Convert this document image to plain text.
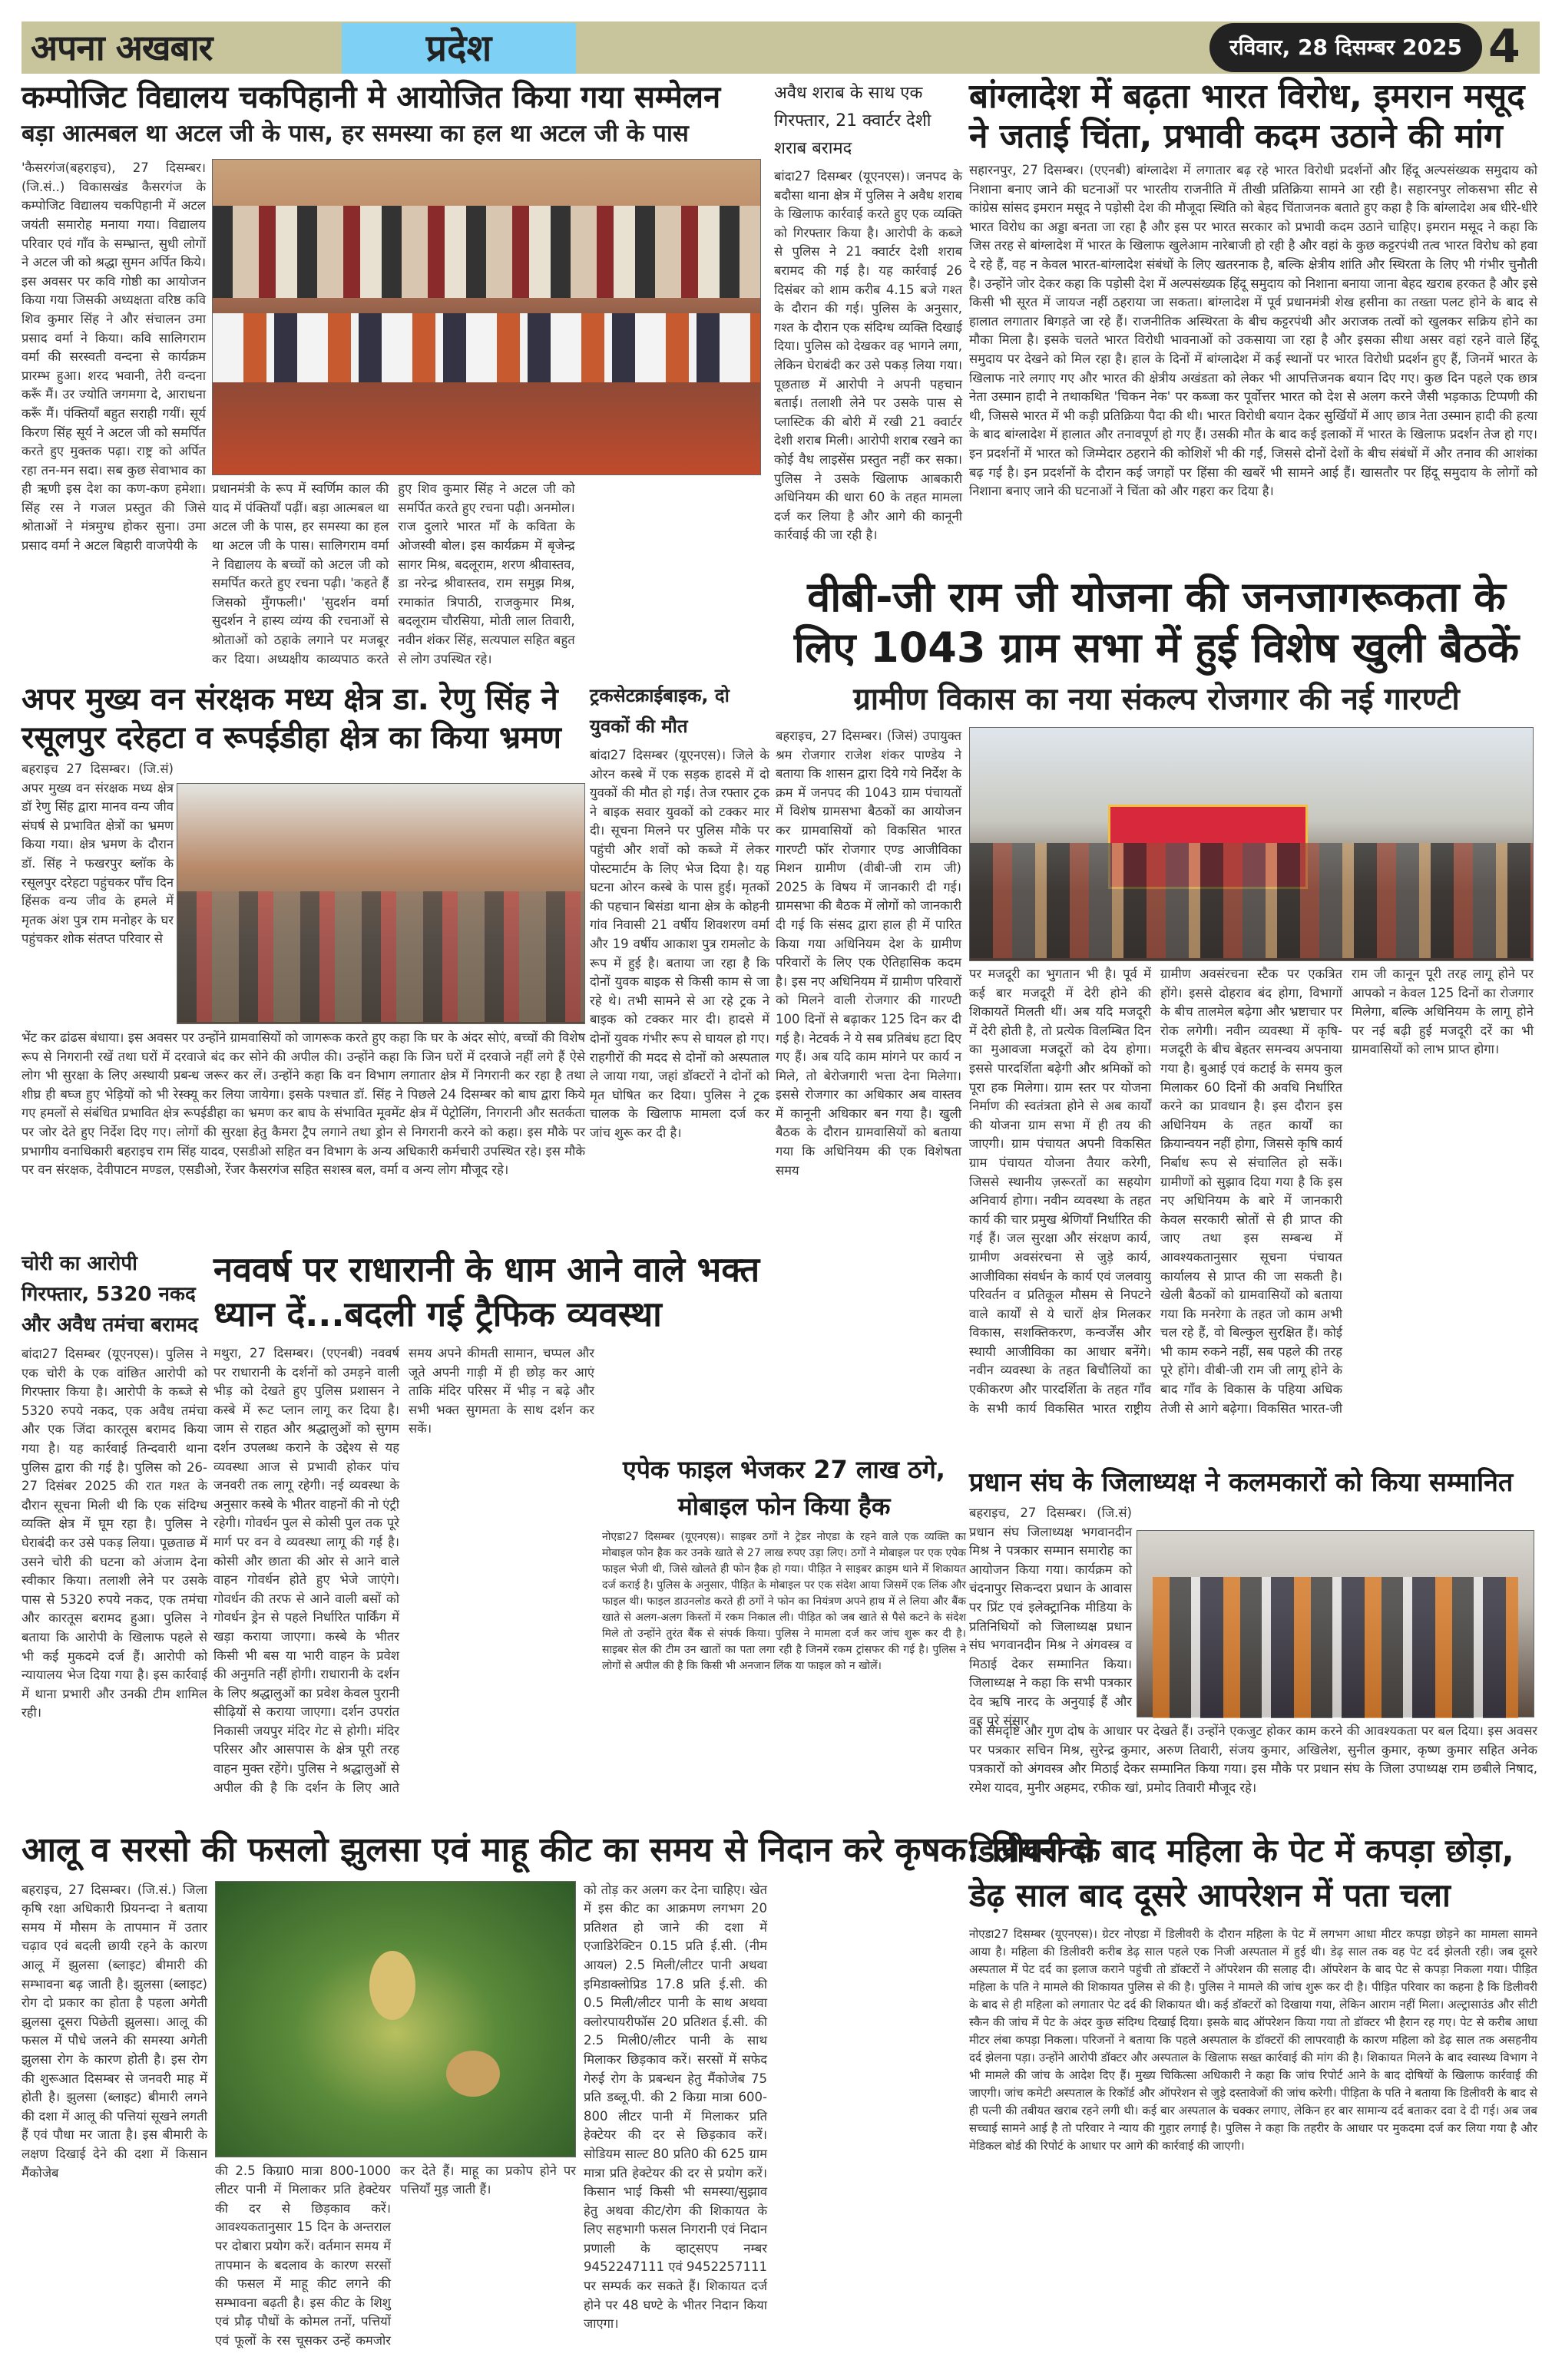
अपना अखबार	प्रदेश	रविवार, 28 दिसम्बर 2025 4
कम्पोजिट विद्यालय चकपिहानी मे आयोजित किया गया सम्मेलन
बड़ा आत्मबल था अटल जी के पास, हर समस्या का हल था अटल जी के पास
'कैसरगंज(बहराइच), 27 दिसम्बर। (जि.सं..) विकासखंड कैसरगंज के कम्पोजिट विद्यालय चकपिहानी में अटल जयंती समारोह मनाया गया। विद्यालय परिवार एवं गाँव के सम्भ्रान्त, सुधी लोगों ने अटल जी को श्रद्धा सुमन अर्पित किये। इस अवसर पर कवि गोष्ठी का आयोजन किया गया जिसकी अध्यक्षता वरिष्ठ कवि शिव कुमार सिंह ने और संचालन उमा प्रसाद वर्मा ने किया। कवि सालिगराम वर्मा की सरस्वती वन्दना से कार्यक्रम प्रारम्भ हुआ। शरद भवानी, तेरी वन्दना करूँ मैं। उर ज्योति जगमगा दे, आराधना करूँ मैं। पंक्तियाँ बहुत सराही गयीं। सूर्य किरण सिंह सूर्य ने अटल जी को समर्पित करते हुए मुक्तक पढ़ा। राष्ट्र को अर्पित रहा तन-मन सदा। सब कुछ सेवाभाव का ही ऋणी इस देश का कण-कण हमेशा। सिंह रस ने गजल प्रस्तुत की जिसे श्रोताओं ने मंत्रमुग्ध होकर सुना। उमा प्रसाद वर्मा ने अटल बिहारी वाजपेयी के
प्रधानमंत्री के रूप में स्वर्णिम काल की याद में पंक्तियाँ पढ़ीं। बड़ा आत्मबल था अटल जी के पास, हर समस्या का हल था अटल जी के पास। सालिगराम वर्मा ने विद्यालय के बच्चों को अटल जी को समर्पित करते हुए रचना पढ़ी। 'कहते हैं जिसको मुँगफली।' 'सुदर्शन वर्मा सुदर्शन ने हास्य व्यंग्य की रचनाओं से श्रोताओं को ठहाके लगाने पर मजबूर कर दिया। अध्यक्षीय काव्यपाठ करते हुए शिव कुमार सिंह ने अटल जी को समर्पित करते हुए रचना पढ़ी। अनमोल। राज दुलारे भारत माँ के कविता के ओजस्वी बोल। इस कार्यक्रम में बृजेन्द्र सागर मिश्र, बदलूराम, शरण श्रीवास्तव, डा नरेन्द्र श्रीवास्तव, राम समुझ मिश्र, रमाकांत त्रिपाठी, राजकुमार मिश्र, बदलूराम चौरसिया, मोती लाल तिवारी, नवीन शंकर सिंह, सत्यपाल सहित बहुत से लोग उपस्थित रहे।
अवैध शराब के साथ एक गिरफ्तार, 21 क्वार्टर देशी शराब बरामद
बांदा27 दिसम्बर (यूएनएस)। जनपद के बदौसा थाना क्षेत्र में पुलिस ने अवैध शराब के खिलाफ कार्रवाई करते हुए एक व्यक्ति को गिरफ्तार किया है। आरोपी के कब्जे से पुलिस ने 21 क्वार्टर देशी शराब बरामद की गई है। यह कार्रवाई 26 दिसंबर को शाम करीब 4.15 बजे गश्त के दौरान की गई। पुलिस के अनुसार, गश्त के दौरान एक संदिग्ध व्यक्ति दिखाई दिया। पुलिस को देखकर वह भागने लगा, लेकिन घेराबंदी कर उसे पकड़ लिया गया। पूछताछ में आरोपी ने अपनी पहचान बताई। तलाशी लेने पर उसके पास से प्लास्टिक की बोरी में रखी 21 क्वार्टर देशी शराब मिली। आरोपी शराब रखने का कोई वैध लाइसेंस प्रस्तुत नहीं कर सका। पुलिस ने उसके खिलाफ आबकारी अधिनियम की धारा 60 के तहत मामला दर्ज कर लिया है और आगे की कानूनी कार्रवाई की जा रही है।
बांग्लादेश में बढ़ता भारत विरोध, इमरान मसूद ने जताई चिंता, प्रभावी कदम उठाने की मांग
सहारनपुर, 27 दिसम्बर। (एएनबी) बांग्लादेश में लगातार बढ़ रहे भारत विरोधी प्रदर्शनों और हिंदू अल्पसंख्यक समुदाय को निशाना बनाए जाने की घटनाओं पर भारतीय राजनीति में तीखी प्रतिक्रिया सामने आ रही है। सहारनपुर लोकसभा सीट से कांग्रेस सांसद इमरान मसूद ने पड़ोसी देश की मौजूदा स्थिति को बेहद चिंताजनक बताते हुए कहा है कि बांग्लादेश अब धीरे-धीरे भारत विरोध का अड्डा बनता जा रहा है और इस पर भारत सरकार को प्रभावी कदम उठाने चाहिए। इमरान मसूद ने कहा कि जिस तरह से बांग्लादेश में भारत के खिलाफ खुलेआम नारेबाजी हो रही है और वहां के कुछ कट्टरपंथी तत्व भारत विरोध को हवा दे रहे हैं, वह न केवल भारत-बांग्लादेश संबंधों के लिए खतरनाक है, बल्कि क्षेत्रीय शांति और स्थिरता के लिए भी गंभीर चुनौती है। उन्होंने जोर देकर कहा कि पड़ोसी देश में अल्पसंख्यक हिंदू समुदाय को निशाना बनाया जाना बेहद खराब हरकत है और इसे किसी भी सूरत में जायज नहीं ठहराया जा सकता। बांग्लादेश में पूर्व प्रधानमंत्री शेख हसीना का तख्ता पलट होने के बाद से हालात लगातार बिगड़ते जा रहे हैं। राजनीतिक अस्थिरता के बीच कट्टरपंथी और अराजक तत्वों को खुलकर सक्रिय होने का मौका मिला है। इसके चलते भारत विरोधी भावनाओं को उकसाया जा रहा है और इसका सीधा असर वहां रहने वाले हिंदू समुदाय पर देखने को मिल रहा है। हाल के दिनों में बांग्लादेश में कई स्थानों पर भारत विरोधी प्रदर्शन हुए हैं, जिनमें भारत के खिलाफ नारे लगाए गए और भारत की क्षेत्रीय अखंडता को लेकर भी आपत्तिजनक बयान दिए गए। कुछ दिन पहले एक छात्र नेता उस्मान हादी ने तथाकथित 'चिकन नेक' पर कब्जा कर पूर्वोत्तर भारत को देश से अलग करने जैसी भड़काऊ टिप्पणी की थी, जिससे भारत में भी कड़ी प्रतिक्रिया पैदा की थी। भारत विरोधी बयान देकर सुर्खियों में आए छात्र नेता उस्मान हादी की हत्या के बाद बांग्लादेश में हालात और तनावपूर्ण हो गए हैं। उसकी मौत के बाद कई इलाकों में भारत के खिलाफ प्रदर्शन तेज हो गए। इन प्रदर्शनों में भारत को जिम्मेदार ठहराने की कोशिशें भी की गईं, जिससे दोनों देशों के बीच संबंधों में और तनाव की आशंका बढ़ गई है। इन प्रदर्शनों के दौरान कई जगहों पर हिंसा की खबरें भी सामने आई हैं। खासतौर पर हिंदू समुदाय के लोगों को निशाना बनाए जाने की घटनाओं ने चिंता को और गहरा कर दिया है।
वीबी-जी राम जी योजना की जनजागरूकता के लिए 1043 ग्राम सभा में हुई विशेष खुली बैठकें
ग्रामीण विकास का नया संकल्प रोजगार की नई गारण्टी
बहराइच, 27 दिसम्बर। (जिसं) उपायुक्त श्रम रोजगार राजेश शंकर पाण्डेय ने बताया कि शासन द्वारा दिये गये निर्देश के क्रम में जनपद की 1043 ग्राम पंचायतों में विशेष ग्रामसभा बैठकों का आयोजन कर ग्रामवासियों को विकसित भारत गारण्टी फॉर रोजगार एण्ड आजीविका मिशन ग्रामीण (वीबी-जी राम जी) 2025 के विषय में जानकारी दी गई। ग्रामसभा की बैठक में लोगों को जानकारी दी गई कि संसद द्वारा हाल ही में पारित किया गया अधिनियम देश के ग्रामीण परिवारों के लिए एक ऐतिहासिक कदम है। इस नए अधिनियम में ग्रामीण परिवारों को मिलने वाली रोजगार की गारण्टी 100 दिनों से बढ़ाकर 125 दिन कर दी गई है। नेटवर्क ने ये सब प्रतिबंध हटा दिए गए हैं। अब यदि काम मांगने पर कार्य न मिले, तो बेरोजगारी भत्ता देना मिलेगा। इससे रोजगार का अधिकार अब वास्तव में कानूनी अधिकार बन गया है। खुली बैठक के दौरान ग्रामवासियों को बताया गया कि अधिनियम की एक विशेषता समय
पर मजदूरी का भुगतान भी है। पूर्व में कई बार मजदूरी में देरी होने की शिकायतें मिलती थीं। अब यदि मजदूरी में देरी होती है, तो प्रत्येक विलम्बित दिन का मुआवजा मजदूरों को देय होगा। इससे पारदर्शिता बढ़ेगी और श्रमिकों को पूरा हक मिलेगा। ग्राम स्तर पर योजना निर्माण की स्वतंत्रता होने से अब कार्यों की योजना ग्राम सभा में ही तय की जाएगी। ग्राम पंचायत अपनी विकसित ग्राम पंचायत योजना तैयार करेगी, जिससे स्थानीय ज़रूरतों का सहयोग अनिवार्य होगा। नवीन व्यवस्था के तहत कार्य की चार प्रमुख श्रेणियाँ निर्धारित की गई हैं। जल सुरक्षा और संरक्षण कार्य, ग्रामीण अवसंरचना से जुड़े कार्य, आजीविका संवर्धन के कार्य एवं जलवायु परिवर्तन व प्रतिकूल मौसम से निपटने वाले कार्यों से ये चारों क्षेत्र मिलकर विकास, सशक्तिकरण, कन्वर्जेंस और स्थायी आजीविका का आधार बनेंगे। नवीन व्यवस्था के तहत बिचौलियों का एकीकरण और पारदर्शिता के तहत गाँव के सभी कार्य विकसित भारत राष्ट्रीय ग्रामीण अवसंरचना स्टैक पर एकत्रित होंगे। इससे दोहराव बंद होगा, विभागों के बीच तालमेल बढ़ेगा और भ्रष्टाचार पर रोक लगेगी। नवीन व्यवस्था में कृषि-मजदूरी के बीच बेहतर समन्वय अपनाया गया है। बुआई एवं कटाई के समय कुल मिलाकर 60 दिनों की अवधि निर्धारित करने का प्रावधान है। इस दौरान इस अधिनियम के तहत कार्यों का क्रियान्वयन नहीं होगा, जिससे कृषि कार्य निर्बाध रूप से संचालित हो सकें। ग्रामीणों को सुझाव दिया गया है कि इस नए अधिनियम के बारे में जानकारी केवल सरकारी स्रोतों से ही प्राप्त की जाए तथा इस सम्बन्ध में आवश्यकतानुसार सूचना पंचायत कार्यालय से प्राप्त की जा सकती है। खेली बैठकों को ग्रामवासियों को बताया गया कि मनरेगा के तहत जो काम अभी चल रहे हैं, वो बिल्कुल सुरक्षित हैं। कोई भी काम रुकने नहीं, सब पहले की तरह पूरे होंगे। वीबी-जी राम जी लागू होने के बाद गाँव के विकास के पहिया अधिक तेजी से आगे बढ़ेगा। विकसित भारत-जी राम जी कानून पूरी तरह लागू होने पर आपको न केवल 125 दिनों का रोजगार मिलेगा, बल्कि अधिनियम के लागू होने पर नई बढ़ी हुई मजदूरी दरें का भी ग्रामवासियों को लाभ प्राप्त होगा।
अपर मुख्य वन संरक्षक मध्य क्षेत्र डा. रेणु सिंह ने रसूलपुर दरेहटा व रूपईडीहा क्षेत्र का किया भ्रमण
बहराइच 27 दिसम्बर। (जि.सं) अपर मुख्य वन संरक्षक मध्य क्षेत्र डॉ रेणु सिंह द्वारा मानव वन्य जीव संघर्ष से प्रभावित क्षेत्रों का भ्रमण किया गया। क्षेत्र भ्रमण के दौरान डॉ. सिंह ने फखरपुर ब्लॉक के रसूलपुर दरेहटा पहुंचकर पाँच दिन हिंसक वन्य जीव के हमले में मृतक अंश पुत्र राम मनोहर के घर पहुंचकर शोक संतप्त परिवार से
भेंट कर ढांढस बंधाया। इस अवसर पर उन्होंने ग्रामवासियों को जागरूक करते हुए कहा कि घर के अंदर सोएं, बच्चों की विशेष रूप से निगरानी रखें तथा घरों में दरवाजे बंद कर सोने की अपील की। उन्होंने कहा कि जिन घरों में दरवाजे नहीं लगे हैं ऐसे लोग भी सुरक्षा के लिए अस्थायी प्रबन्ध जरूर कर लें। उन्होंने कहा कि वन विभाग लगातार क्षेत्र में निगरानी कर रहा है तथा शीघ्र ही बघ्ज हुए भेड़ियों को भी रेस्क्यू कर लिया जायेगा। इसके पश्चात डॉ. सिंह ने पिछले 24 दिसम्बर को बाघ द्वारा किये गए हमलों से संबंधित प्रभावित क्षेत्र रूपईडीहा का भ्रमण कर बाघ के संभावित मूवमेंट क्षेत्र में पेट्रोलिंग, निगरानी और सतर्कता पर जोर देते हुए निर्देश दिए गए। लोगों की सुरक्षा हेतु कैमरा ट्रैप लगाने तथा ड्रोन से निगरानी करने को कहा। इस मौके पर प्रभागीय वनाधिकारी बहराइच राम सिंह यादव, एसडीओ सहित वन विभाग के अन्य अधिकारी कर्मचारी उपस्थित रहे। इस मौके पर वन संरक्षक, देवीपाटन मण्डल, एसडीओ, रेंजर कैसरगंज सहित सशस्त्र बल, वर्मा व अन्य लोग मौजूद रहे।
ट्रकसेटक्राईबाइक, दो युवकों की मौत
बांदा27 दिसम्बर (यूएनएस)। जिले के ओरन कस्बे में एक सड़क हादसे में दो युवकों की मौत हो गई। तेज रफ्तार ट्रक ने बाइक सवार युवकों को टक्कर मार दी। सूचना मिलने पर पुलिस मौके पर पहुंची और शवों को कब्जे में लेकर पोस्टमार्टम के लिए भेज दिया है। यह घटना ओरन कस्बे के पास हुई। मृतकों की पहचान बिसंडा थाना क्षेत्र के कोहनी गांव निवासी 21 वर्षीय शिवशरण वर्मा और 19 वर्षीय आकाश पुत्र रामलोट के रूप में हुई है। बताया जा रहा है कि दोनों युवक बाइक से किसी काम से जा रहे थे। तभी सामने से आ रहे ट्रक ने बाइक को टक्कर मार दी। हादसे में दोनों युवक गंभीर रूप से घायल हो गए। राहगीरों की मदद से दोनों को अस्पताल ले जाया गया, जहां डॉक्टरों ने दोनों को मृत घोषित कर दिया। पुलिस ने ट्रक चालक के खिलाफ मामला दर्ज कर जांच शुरू कर दी है।
चोरी का आरोपी गिरफ्तार, 5320 नकद और अवैध तमंचा बरामद
बांदा27 दिसम्बर (यूएनएस)। पुलिस ने एक चोरी के एक वांछित आरोपी को गिरफ्तार किया है। आरोपी के कब्जे से 5320 रुपये नकद, एक अवैध तमंचा और एक जिंदा कारतूस बरामद किया गया है। यह कार्रवाई तिन्दवारी थाना पुलिस द्वारा की गई है। पुलिस को 26-27 दिसंबर 2025 की रात गश्त के दौरान सूचना मिली थी कि एक संदिग्ध व्यक्ति क्षेत्र में घूम रहा है। पुलिस ने घेराबंदी कर उसे पकड़ लिया। पूछताछ में उसने चोरी की घटना को अंजाम देना स्वीकार किया। तलाशी लेने पर उसके पास से 5320 रुपये नकद, एक तमंचा और कारतूस बरामद हुआ। पुलिस ने बताया कि आरोपी के खिलाफ पहले से भी कई मुकदमे दर्ज हैं। आरोपी को न्यायालय भेज दिया गया है। इस कार्रवाई में थाना प्रभारी और उनकी टीम शामिल रही।
नववर्ष पर राधारानी के धाम आने वाले भक्त ध्यान दें...बदली गई ट्रैफिक व्यवस्था
मथुरा, 27 दिसम्बर। (एएनबी) नववर्ष पर राधारानी के दर्शनों को उमड़ने वाली भीड़ को देखते हुए पुलिस प्रशासन ने कस्बे में रूट प्लान लागू कर दिया है। जाम से राहत और श्रद्धालुओं को सुगम दर्शन उपलब्ध कराने के उद्देश्य से यह व्यवस्था आज से प्रभावी होकर पांच जनवरी तक लागू रहेगी। नई व्यवस्था के अनुसार कस्बे के भीतर वाहनों की नो एंट्री रहेगी। गोवर्धन पुल से कोसी पुल तक पूरे मार्ग पर वन वे व्यवस्था लागू की गई है। कोसी और छाता की ओर से आने वाले वाहन गोवर्धन होते हुए भेजे जाएंगे। गोवर्धन की तरफ से आने वाली बसों को गोवर्धन ड्रेन से पहले निर्धारित पार्किंग में खड़ा कराया जाएगा। कस्बे के भीतर किसी भी बस या भारी वाहन के प्रवेश की अनुमति नहीं होगी। राधारानी के दर्शन के लिए श्रद्धालुओं का प्रवेश केवल पुरानी सीढ़ियों से कराया जाएगा। दर्शन उपरांत निकासी जयपुर मंदिर गेट से होगी। मंदिर परिसर और आसपास के क्षेत्र पूरी तरह वाहन मुक्त रहेंगे। पुलिस ने श्रद्धालुओं से अपील की है कि दर्शन के लिए आते समय अपने कीमती सामान, चप्पल और जूते अपनी गाड़ी में ही छोड़ कर आएं ताकि मंदिर परिसर में भीड़ न बढ़े और सभी भक्त सुगमता के साथ दर्शन कर सकें।
एपेक फाइल भेजकर 27 लाख ठगे, मोबाइल फोन किया हैक
नोएडा27 दिसम्बर (यूएनएस)। साइबर ठगों ने ट्रेडर नोएडा के रहने वाले एक व्यक्ति का मोबाइल फोन हैक कर उनके खाते से 27 लाख रुपए उड़ा लिए। ठगों ने मोबाइल पर एक एपेक फाइल भेजी थी, जिसे खोलते ही फोन हैक हो गया। पीड़ित ने साइबर क्राइम थाने में शिकायत दर्ज कराई है। पुलिस के अनुसार, पीड़ित के मोबाइल पर एक संदेश आया जिसमें एक लिंक और फाइल थी। फाइल डाउनलोड करते ही ठगों ने फोन का नियंत्रण अपने हाथ में ले लिया और बैंक खाते से अलग-अलग किस्तों में रकम निकाल ली। पीड़ित को जब खाते से पैसे कटने के संदेश मिले तो उन्होंने तुरंत बैंक से संपर्क किया। पुलिस ने मामला दर्ज कर जांच शुरू कर दी है। साइबर सेल की टीम उन खातों का पता लगा रही है जिनमें रकम ट्रांसफर की गई है। पुलिस ने लोगों से अपील की है कि किसी भी अनजान लिंक या फाइल को न खोलें।
प्रधान संघ के जिलाध्यक्ष ने कलमकारों को किया सम्मानित
बहराइच, 27 दिसम्बर। (जि.सं) प्रधान संघ जिलाध्यक्ष भगवानदीन मिश्र ने पत्रकार सम्मान समारोह का आयोजन किया गया। कार्यक्रम को चंदनापुर सिकन्दरा प्रधान के आवास पर प्रिंट एवं इलेक्ट्रानिक मीडिया के प्रतिनिधियों को जिलाध्यक्ष प्रधान संघ भगवानदीन मिश्र ने अंगवस्त्र व मिठाई देकर सम्मानित किया। जिलाध्यक्ष ने कहा कि सभी पत्रकार देव ऋषि नारद के अनुयाई हैं और वह पूरे संसार
को समदृष्टि और गुण दोष के आधार पर देखते हैं। उन्होंने एकजुट होकर काम करने की आवश्यकता पर बल दिया। इस अवसर पर पत्रकार सचिन मिश्र, सुरेन्द्र कुमार, अरुण तिवारी, संजय कुमार, अखिलेश, सुनील कुमार, कृष्ण कुमार सहित अनेक पत्रकारों को अंगवस्त्र और मिठाई देकर सम्मानित किया गया। इस मौके पर प्रधान संघ के जिला उपाध्यक्ष राम छबीले निषाद, रमेश यादव, मुनीर अहमद, रफीक खां, प्रमोद तिवारी मौजूद रहे।
आलू व सरसो की फसलो झुलसा एवं माहू कीट का समय से निदान करे कृषक: प्रियनन्दा
बहराइच, 27 दिसम्बर। (जि.सं.) जिला कृषि रक्षा अधिकारी प्रियनन्दा ने बताया समय में मौसम के तापमान में उतार चढ़ाव एवं बदली छायी रहने के कारण आलू में झुलसा (ब्लाइट) बीमारी की सम्भावना बढ़ जाती है। झुलसा (ब्लाइट) रोग दो प्रकार का होता है पहला अगेती झुलसा दूसरा पिछेती झुलसा। आलू की फसल में पौधे जलने की समस्या अगेती झुलसा रोग के कारण होती है। इस रोग की शुरूआत दिसम्बर से जनवरी माह में होती है। झुलसा (ब्लाइट) बीमारी लगने की दशा में आलू की पत्तियां सूखने लगती हैं एवं पौधा मर जाता है। इस बीमारी के लक्षण दिखाई देने की दशा में किसान मैंकोजेब	की 2.5 किग्रा0 मात्रा 800-1000 लीटर पानी में मिलाकर प्रति हेक्टेयर की दर से छिड़काव करें। आवश्यकतानुसार 15 दिन के अन्तराल पर दोबारा प्रयोग करें। वर्तमान समय में तापमान के बदलाव के कारण सरसों की फसल में माहू कीट लगने की सम्भावना बढ़ती है। इस कीट के शिशु एवं प्रौढ़ पौधों के कोमल तनों, पत्तियों एवं फूलों के रस चूसकर उन्हें कमजोर कर देते हैं। माहू का प्रकोप होने पर पत्तियाँ मुड़ जाती हैं।
को तोड़ कर अलग कर देना चाहिए। खेत में इस कीट का आक्रमण लगभग 20 प्रतिशत हो जाने की दशा में एजाडिरेक्टिन 0.15 प्रति ई.सी. (नीम आयल) 2.5 मिली/लीटर पानी अथवा इमिडाक्लोप्रिड 17.8 प्रति ई.सी. की 0.5 मिली/लीटर पानी के साथ अथवा क्लोरपायरीफॉस 20 प्रतिशत ई.सी. की 2.5 मिली0/लीटर पानी के साथ मिलाकर छिड़काव करें। सरसों में सफेद गेरुई रोग के प्रबन्धन हेतु मैंकोजेब 75 प्रति डब्लू.पी. की 2 किग्रा मात्रा 600-800 लीटर पानी में मिलाकर प्रति हेक्टेयर की दर से छिड़काव करें। सोडियम साल्ट 80 प्रति0 की 625 ग्राम मात्रा प्रति हेक्टेयर की दर से प्रयोग करें। किसान भाई किसी भी समस्या/सुझाव हेतु अथवा कीट/रोग की शिकायत के लिए सहभागी फसल निगरानी एवं निदान प्रणाली के व्हाट्सएप नम्बर 9452247111 एवं 9452257111 पर सम्पर्क कर सकते हैं। शिकायत दर्ज होने पर 48 घण्टे के भीतर निदान किया जाएगा।
डिलीवरी के बाद महिला के पेट में कपड़ा छोड़ा, डेढ़ साल बाद दूसरे आपरेशन में पता चला
नोएडा27 दिसम्बर (यूएनएस)। ग्रेटर नोएडा में डिलीवरी के दौरान महिला के पेट में लगभग आधा मीटर कपड़ा छोड़ने का मामला सामने आया है। महिला की डिलीवरी करीब डेढ़ साल पहले एक निजी अस्पताल में हुई थी। डेढ़ साल तक वह पेट दर्द झेलती रही। जब दूसरे अस्पताल में पेट दर्द का इलाज कराने पहुंची तो डॉक्टरों ने ऑपरेशन की सलाह दी। ऑपरेशन के बाद पेट से कपड़ा निकला गया। पीड़ित महिला के पति ने मामले की शिकायत पुलिस से की है। पुलिस ने मामले की जांच शुरू कर दी है। पीड़ित परिवार का कहना है कि डिलीवरी के बाद से ही महिला को लगातार पेट दर्द की शिकायत थी। कई डॉक्टरों को दिखाया गया, लेकिन आराम नहीं मिला। अल्ट्रासाउंड और सीटी स्कैन की जांच में पेट के अंदर कुछ संदिग्ध दिखाई दिया। इसके बाद ऑपरेशन किया गया तो डॉक्टर भी हैरान रह गए। पेट से करीब आधा मीटर लंबा कपड़ा निकला। परिजनों ने बताया कि पहले अस्पताल के डॉक्टरों की लापरवाही के कारण महिला को डेढ़ साल तक असहनीय दर्द झेलना पड़ा। उन्होंने आरोपी डॉक्टर और अस्पताल के खिलाफ सख्त कार्रवाई की मांग की है। शिकायत मिलने के बाद स्वास्थ्य विभाग ने भी मामले की जांच के आदेश दिए हैं। मुख्य चिकित्सा अधिकारी ने कहा कि जांच रिपोर्ट आने के बाद दोषियों के खिलाफ कार्रवाई की जाएगी। जांच कमेटी अस्पताल के रिकॉर्ड और ऑपरेशन से जुड़े दस्तावेजों की जांच करेगी। पीड़िता के पति ने बताया कि डिलीवरी के बाद से ही पत्नी की तबीयत खराब रहने लगी थी। कई बार अस्पताल के चक्कर लगाए, लेकिन हर बार सामान्य दर्द बताकर दवा दे दी गई। अब जब सच्चाई सामने आई है तो परिवार ने न्याय की गुहार लगाई है। पुलिस ने कहा कि तहरीर के आधार पर मुकदमा दर्ज कर लिया गया है और मेडिकल बोर्ड की रिपोर्ट के आधार पर आगे की कार्रवाई की जाएगी।
